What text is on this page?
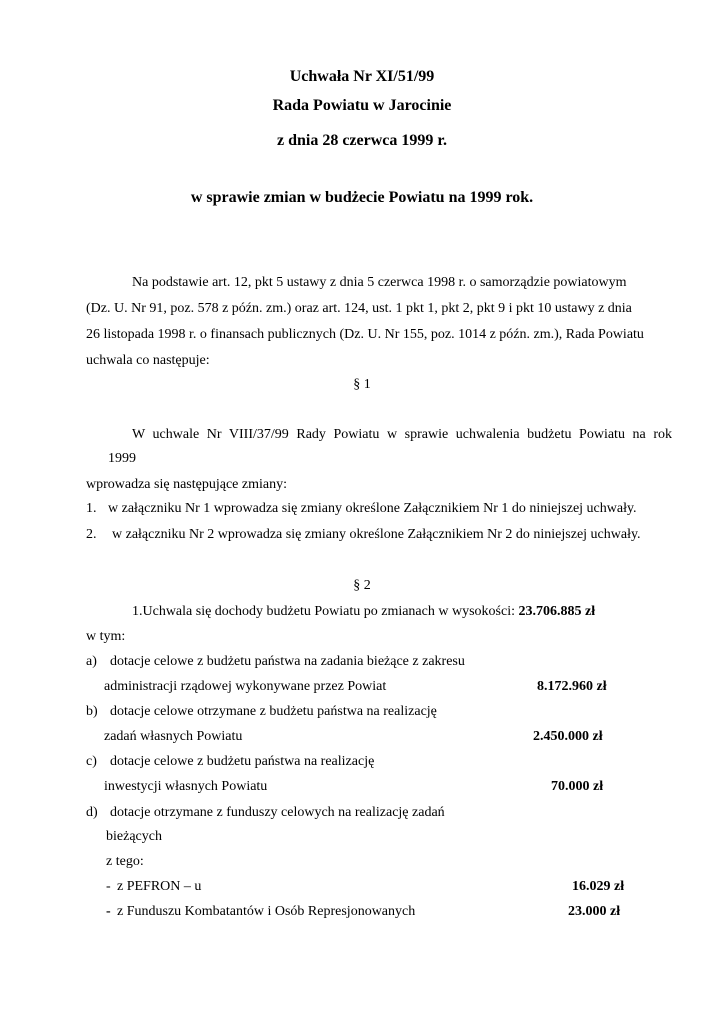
Uchwała Nr XI/51/99
Rada Powiatu w Jarocinie
z dnia 28 czerwca 1999 r.
w sprawie zmian w budżecie Powiatu na 1999 rok.
Na podstawie art. 12, pkt 5 ustawy z dnia 5 czerwca 1998 r. o samorządzie powiatowym
(Dz. U. Nr 91, poz. 578 z późn. zm.) oraz art. 124, ust. 1 pkt 1, pkt 2, pkt 9 i pkt 10 ustawy z dnia
26 listopada 1998 r. o finansach publicznych (Dz. U. Nr 155, poz. 1014 z późn. zm.), Rada Powiatu
uchwala co następuje:
§ 1
W uchwale Nr VIII/37/99 Rady Powiatu w sprawie uchwalenia budżetu Powiatu na rok
1999
wprowadza się następujące zmiany:
1. w załączniku Nr 1 wprowadza się zmiany określone Załącznikiem Nr 1 do niniejszej uchwały.
2. w załączniku Nr 2 wprowadza się zmiany określone Załącznikiem Nr 2 do niniejszej uchwały.
§ 2
1.Uchwala się dochody budżetu Powiatu po zmianach w wysokości: 23.706.885 zł
w tym:
a) dotacje celowe z budżetu państwa na zadania bieżące z zakresu
administracji rządowej wykonywane przez Powiat	8.172.960 zł
b) dotacje celowe otrzymane z budżetu państwa na realizację
zadań własnych Powiatu	2.450.000 zł
c) dotacje celowe z budżetu państwa na realizację
inwestycji własnych Powiatu	70.000 zł
d) dotacje otrzymane z funduszy celowych na realizację zadań
bieżących
z tego:
- z PEFRON – u	16.029 zł
- z Funduszu Kombatantów i Osób Represjonowanych	23.000 zł
